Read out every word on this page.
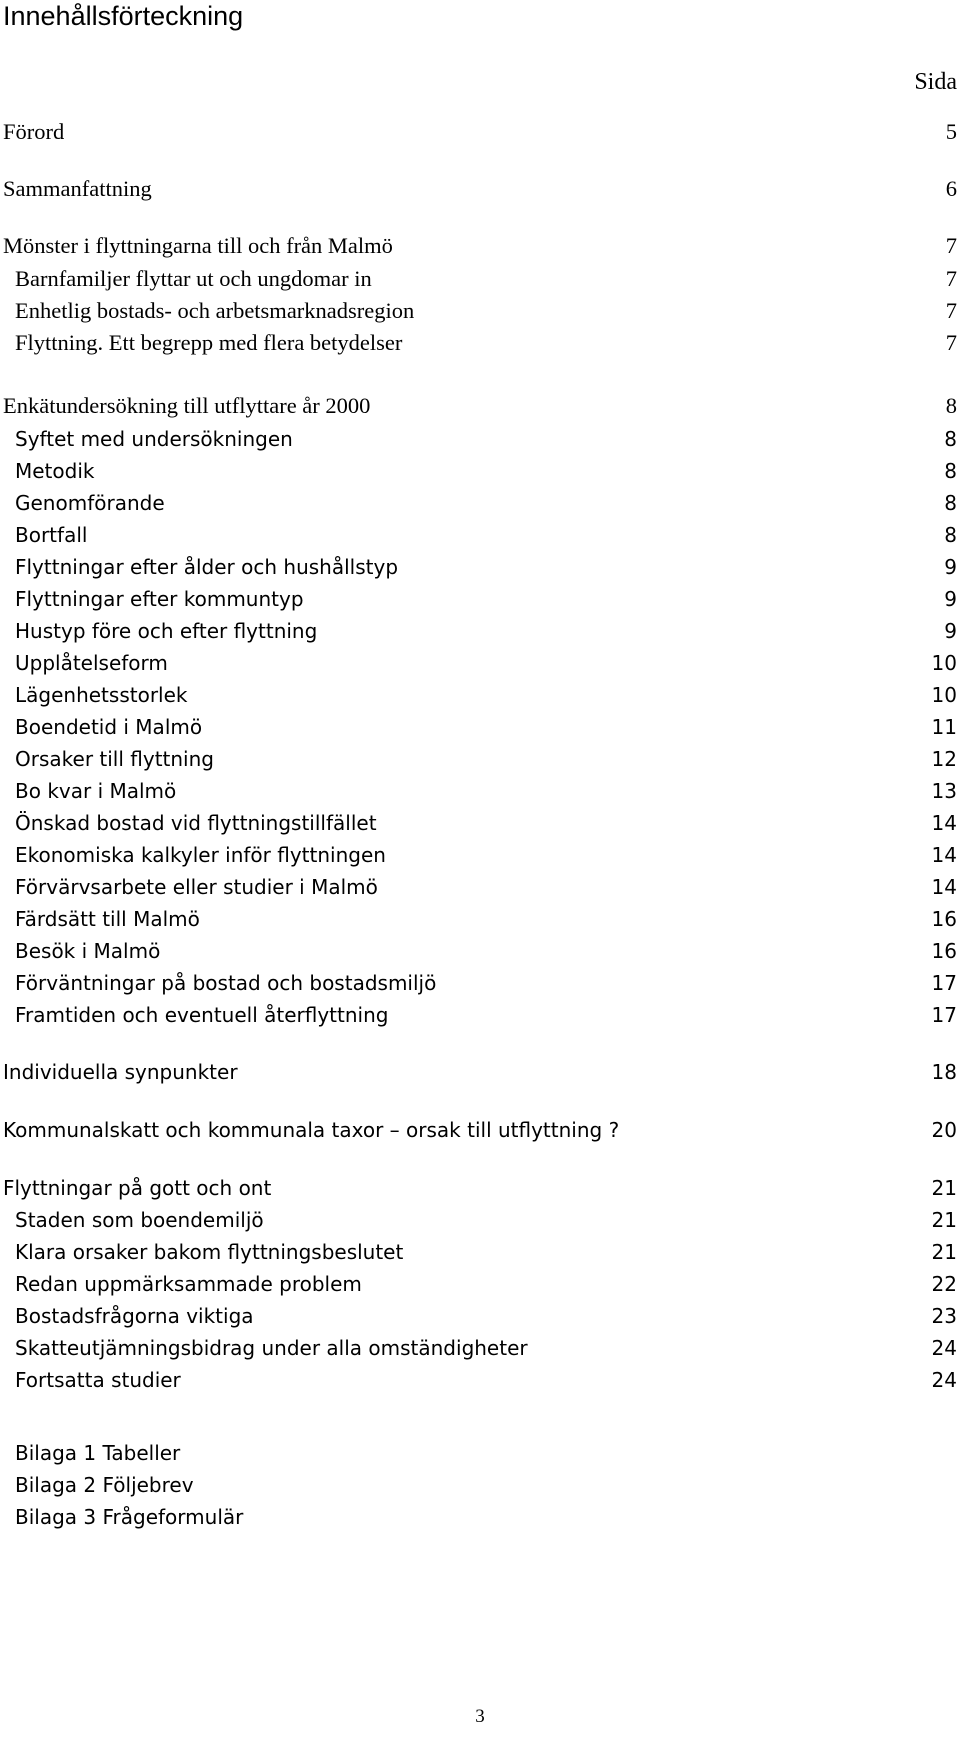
Innehållsförteckning
Sida
Förord	5
Sammanfattning	6
Mönster i flyttningarna till och från Malmö	7
Barnfamiljer flyttar ut och ungdomar in	7
Enhetlig bostads- och arbetsmarknadsregion	7
Flyttning. Ett begrepp med flera betydelser	7
Enkätundersökning till utflyttare år 2000	8
Syftet med undersökningen	8
Metodik	8
Genomförande	8
Bortfall	8
Flyttningar efter ålder och hushållstyp	9
Flyttningar efter kommuntyp	9
Hustyp före och efter flyttning	9
Upplåtelseform	10
Lägenhetsstorlek	10
Boendetid i Malmö	11
Orsaker till flyttning	12
Bo kvar i Malmö	13
Önskad bostad vid flyttningstillfället	14
Ekonomiska kalkyler inför flyttningen	14
Förvärvsarbete eller studier i Malmö	14
Färdsätt till Malmö	16
Besök i Malmö	16
Förväntningar på bostad och bostadsmiljö	17
Framtiden och eventuell återflyttning	17
Individuella synpunkter	18
Kommunalskatt och kommunala taxor – orsak till utflyttning ?	20
Flyttningar på gott och ont	21
Staden som boendemiljö	21
Klara orsaker bakom flyttningsbeslutet	21
Redan uppmärksammade problem	22
Bostadsfrågorna viktiga	23
Skatteutjämningsbidrag under alla omständigheter	24
Fortsatta studier	24
Bilaga 1 Tabeller
Bilaga 2 Följebrev
Bilaga 3 Frågeformulär
3
